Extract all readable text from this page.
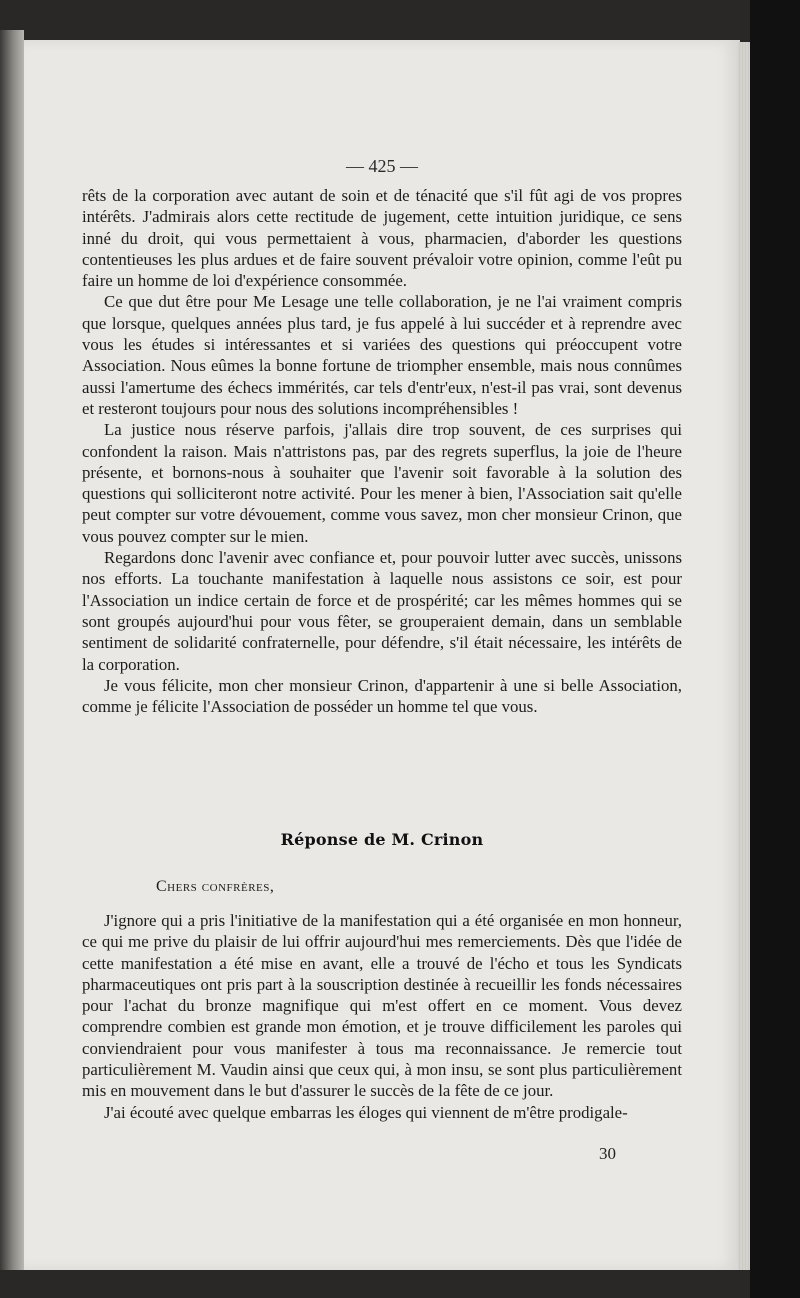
— 425 —

rêts de la corporation avec autant de soin et de ténacité que s'il fût agi de vos propres intérêts. J'admirais alors cette rectitude de jugement, cette intuition juridique, ce sens inné du droit, qui vous permettaient à vous, pharmacien, d'aborder les questions contentieuses les plus ardues et de faire souvent prévaloir votre opinion, comme l'eût pu faire un homme de loi d'expérience consommée.

Ce que dut être pour Me Lesage une telle collaboration, je ne l'ai vraiment compris que lorsque, quelques années plus tard, je fus appelé à lui succéder et à reprendre avec vous les études si intéressantes et si variées des questions qui préoccupent votre Association. Nous eûmes la bonne fortune de triompher ensemble, mais nous connûmes aussi l'amertume des échecs immérités, car tels d'entr'eux, n'est-il pas vrai, sont devenus et resteront toujours pour nous des solutions incompréhensibles !

La justice nous réserve parfois, j'allais dire trop souvent, de ces surprises qui confondent la raison. Mais n'attristons pas, par des regrets superflus, la joie de l'heure présente, et bornons-nous à souhaiter que l'avenir soit favorable à la solution des questions qui solliciteront notre activité. Pour les mener à bien, l'Association sait qu'elle peut compter sur votre dévouement, comme vous savez, mon cher monsieur Crinon, que vous pouvez compter sur le mien.

Regardons donc l'avenir avec confiance et, pour pouvoir lutter avec succès, unissons nos efforts. La touchante manifestation à laquelle nous assistons ce soir, est pour l'Association un indice certain de force et de prospérité; car les mêmes hommes qui se sont groupés aujourd'hui pour vous fêter, se grouperaient demain, dans un semblable sentiment de solidarité confraternelle, pour défendre, s'il était nécessaire, les intérêts de la corporation.

Je vous félicite, mon cher monsieur Crinon, d'appartenir à une si belle Association, comme je félicite l'Association de posséder un homme tel que vous.

Réponse de M. Crinon
Chers confrères,

J'ignore qui a pris l'initiative de la manifestation qui a été organisée en mon honneur, ce qui me prive du plaisir de lui offrir aujourd'hui mes remerciements. Dès que l'idée de cette manifestation a été mise en avant, elle a trouvé de l'écho et tous les Syndicats pharmaceutiques ont pris part à la souscription destinée à recueillir les fonds nécessaires pour l'achat du bronze magnifique qui m'est offert en ce moment. Vous devez comprendre combien est grande mon émotion, et je trouve difficilement les paroles qui conviendraient pour vous manifester à tous ma reconnaissance. Je remercie tout particulièrement M. Vaudin ainsi que ceux qui, à mon insu, se sont plus particulièrement mis en mouvement dans le but d'assurer le succès de la fête de ce jour.

J'ai écouté avec quelque embarras les éloges qui viennent de m'être prodigale-

30
